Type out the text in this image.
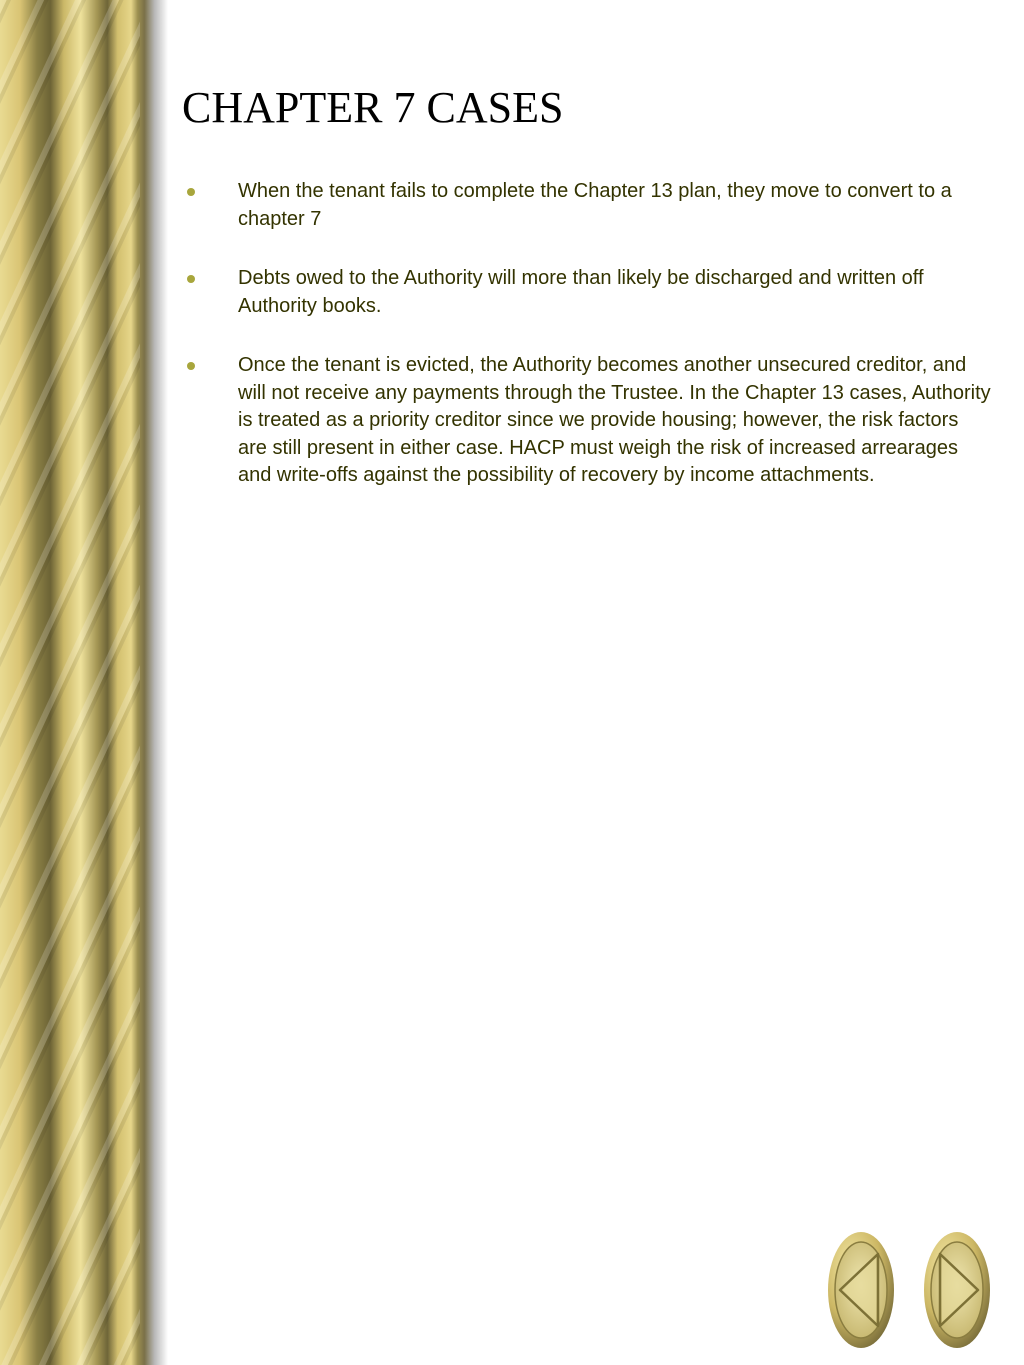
CHAPTER 7 CASES
When the tenant fails to complete the Chapter 13 plan, they move to convert to a chapter 7
Debts owed to the Authority will more than likely be discharged and written off Authority books.
Once the tenant is evicted, the Authority becomes another unsecured creditor, and will not receive any payments through the Trustee. In the Chapter 13 cases, Authority is treated as a priority creditor since we provide housing; however, the risk factors are still present in either case. HACP must weigh the risk of increased arrearages and write-offs against the possibility of recovery by income attachments.
